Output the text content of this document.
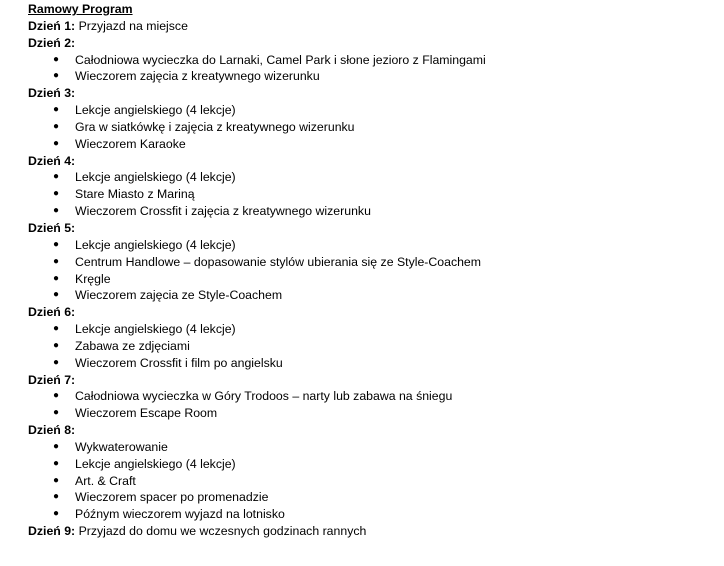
Ramowy Program
Dzień 1: Przyjazd na miejsce
Dzień 2:
● Całodniowa wycieczka do Larnaki, Camel Park i słone jezioro z Flamingami
● Wieczorem zajęcia z kreatywnego wizerunku
Dzień 3:
● Lekcje angielskiego (4 lekcje)
● Gra w siatkówkę i zajęcia z kreatywnego wizerunku
● Wieczorem Karaoke
Dzień 4:
● Lekcje angielskiego (4 lekcje)
● Stare Miasto z Mariną
● Wieczorem Crossfit i zajęcia z kreatywnego wizerunku
Dzień 5:
● Lekcje angielskiego (4 lekcje)
● Centrum Handlowe – dopasowanie stylów ubierania się ze Style-Coachem
● Kręgle
● Wieczorem zajęcia ze Style-Coachem
Dzień 6:
● Lekcje angielskiego (4 lekcje)
● Zabawa ze zdjęciami
● Wieczorem Crossfit i film po angielsku
Dzień 7:
● Całodniowa wycieczka w Góry Trodoos – narty lub zabawa na śniegu
● Wieczorem Escape Room
Dzień 8:
● Wykwaterowanie
● Lekcje angielskiego (4 lekcje)
● Art. & Craft
● Wieczorem spacer po promenadzie
● Późnym wieczorem wyjazd na lotnisko
Dzień 9: Przyjazd do domu we wczesnych godzinach rannych
